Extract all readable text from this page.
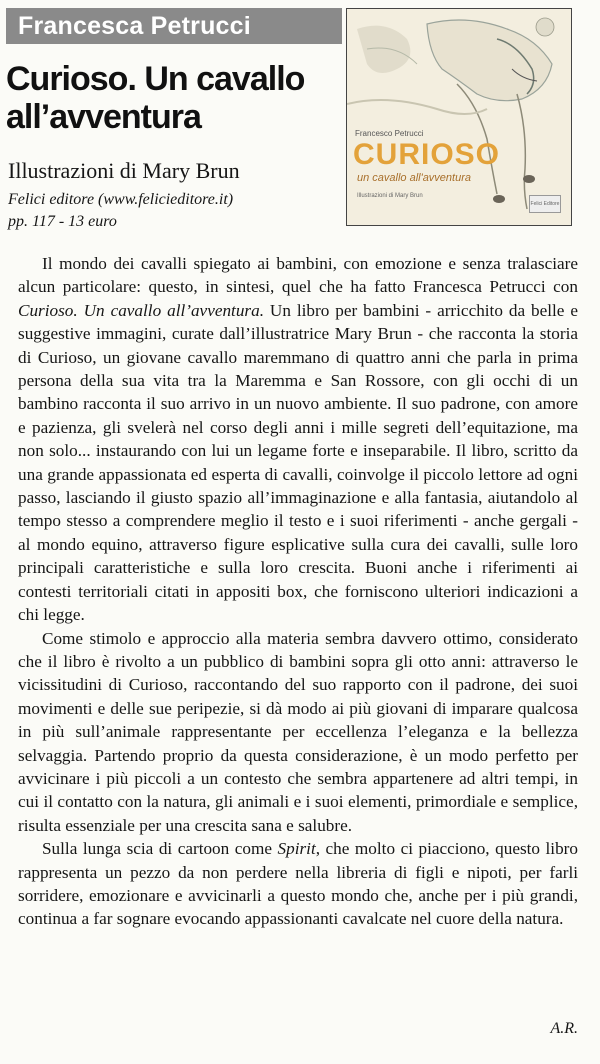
Francesca Petrucci
Curioso. Un cavallo all’avventura
Illustrazioni di Mary Brun
Felici editore (www.felicieditore.it)
pp. 117 - 13 euro
Francesco Petrucci
CURIOSO
un cavallo all'avventura
Illustrazioni di Mary Brun
Felici Editore

Il mondo dei cavalli spiegato ai bambini, con emozione e senza tralasciare alcun particolare: questo, in sintesi, quel che ha fatto Francesca Petrucci con Curioso. Un cavallo all’avventura. Un libro per bambini - arricchito da belle e suggestive immagini, curate dall’illustratrice Mary Brun - che racconta la storia di Curioso, un giovane cavallo maremmano di quattro anni che parla in prima persona della sua vita tra la Maremma e San Rossore, con gli occhi di un bambino racconta il suo arrivo in un nuovo ambiente. Il suo padrone, con amore e pazienza, gli svelerà nel corso degli anni i mille segreti dell’equitazione, ma non solo... instaurando con lui un legame forte e inseparabile. Il libro, scritto da una grande appassionata ed esperta di cavalli, coinvolge il piccolo lettore ad ogni passo, lasciando il giusto spazio all’immaginazione e alla fantasia, aiutandolo al tempo stesso a comprendere meglio il testo e i suoi riferimenti - anche gergali - al mondo equino, attraverso figure esplicative sulla cura dei cavalli, sulle loro principali caratteristiche e sulla loro crescita. Buoni anche i riferimenti ai contesti territoriali citati in appositi box, che forniscono ulteriori indicazioni a chi legge.

Come stimolo e approccio alla materia sembra davvero ottimo, considerato che il libro è rivolto a un pubblico di bambini sopra gli otto anni: attraverso le vicissitudini di Curioso, raccontando del suo rapporto con il padrone, dei suoi movimenti e delle sue peripezie, si dà modo ai più giovani di imparare qualcosa in più sull’animale rappresentante per eccellenza l’eleganza e la bellezza selvaggia. Partendo proprio da questa considerazione, è un modo perfetto per avvicinare i più piccoli a un contesto che sembra appartenere ad altri tempi, in cui il contatto con la natura, gli animali e i suoi elementi, primordiale e semplice, risulta essenziale per una crescita sana e salubre.

Sulla lunga scia di cartoon come Spirit, che molto ci piacciono, questo libro rappresenta un pezzo da non perdere nella libreria di figli e nipoti, per farli sorridere, emozionare e avvicinarli a questo mondo che, anche per i più grandi, continua a far sognare evocando appassionanti cavalcate nel cuore della natura.

A.R.
